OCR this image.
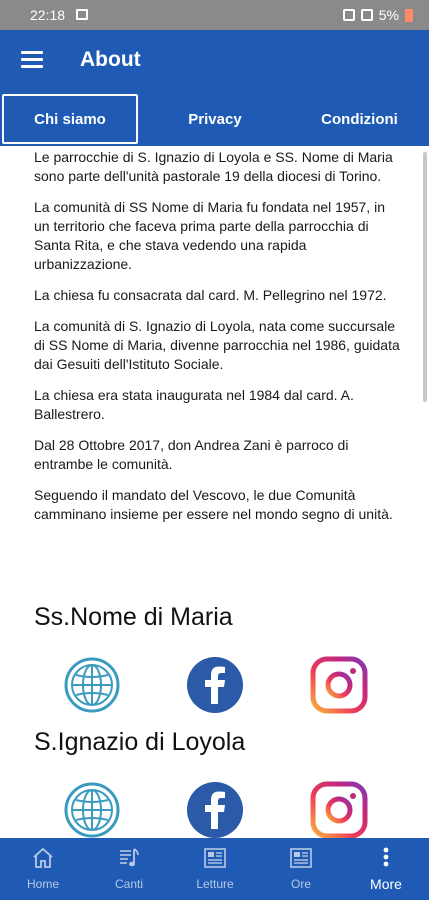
22:18	5%
About
Chi siamo	Privacy	Condizioni

Le parrocchie di S. Ignazio di Loyola e SS. Nome di Maria sono parte dell'unità pastorale 19 della diocesi di Torino.

La comunità di SS Nome di Maria fu fondata nel 1957, in un territorio che faceva prima parte della parrocchia di Santa Rita, e che stava vedendo una rapida urbanizzazione.

La chiesa fu consacrata dal card. M. Pellegrino nel 1972.

La comunità di S. Ignazio di Loyola, nata come succursale di SS Nome di Maria, divenne parrocchia nel 1986, guidata dai Gesuiti dell'Istituto Sociale.

La chiesa era stata inaugurata nel 1984 dal card. A. Ballestrero.

Dal 28 Ottobre 2017, don Andrea Zani è parroco di entrambe le comunità.

Seguendo il mandato del Vescovo, le due Comunità camminano insieme per essere nel mondo segno di unità.

Ss.Nome di Maria
S.Ignazio di Loyola
Home	Canti	Letture	Ore	More
